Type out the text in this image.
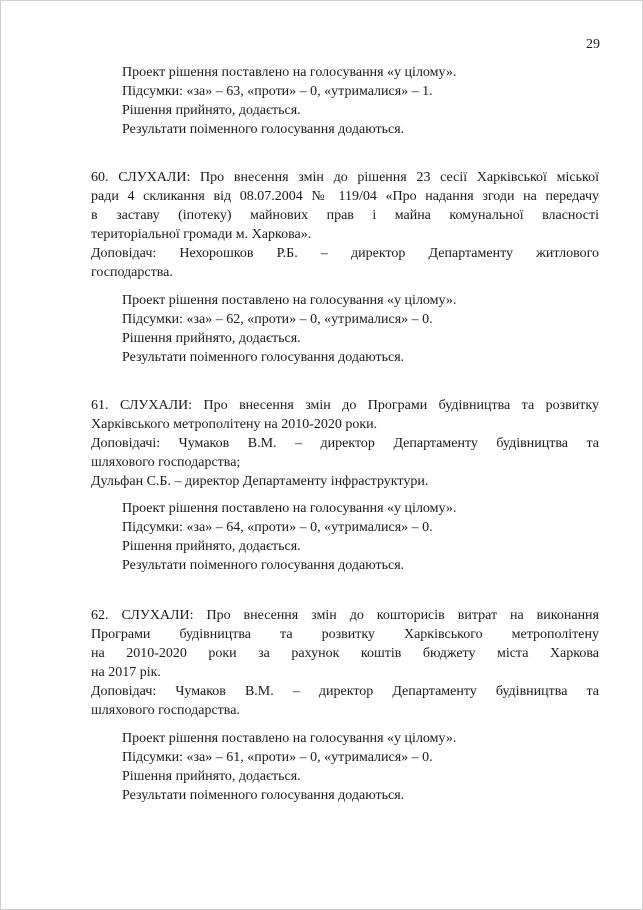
29
Проект рішення поставлено на голосування «у цілому».
Підсумки: «за» – 63, «проти» – 0, «утрималися» – 1.
Рішення прийнято, додається.
Результати поіменного голосування додаються.
60. СЛУХАЛИ: Про внесення змін до рішення 23 сесії Харківської міської
ради 4 скликання від 08.07.2004 № 119/04 «Про надання згоди на передачу
в заставу (іпотеку) майнових прав і майна комунальної власності
територіальної громади м. Харкова».
Доповідач: Нехорошков Р.Б. – директор Департаменту житлового
господарства.
Проект рішення поставлено на голосування «у цілому».
Підсумки: «за» – 62, «проти» – 0, «утрималися» – 0.
Рішення прийнято, додається.
Результати поіменного голосування додаються.
61. СЛУХАЛИ: Про внесення змін до Програми будівництва та розвитку
Харківського метрополітену на 2010-2020 роки.
Доповідачі: Чумаков В.М. – директор Департаменту будівництва та
шляхового господарства;
Дульфан С.Б. – директор Департаменту інфраструктури.
Проект рішення поставлено на голосування «у цілому».
Підсумки: «за» – 64, «проти» – 0, «утрималися» – 0.
Рішення прийнято, додається.
Результати поіменного голосування додаються.
62. СЛУХАЛИ: Про внесення змін до кошторисів витрат на виконання
Програми будівництва та розвитку Харківського метрополітену
на 2010-2020 роки за рахунок коштів бюджету міста Харкова
на 2017 рік.
Доповідач: Чумаков В.М. – директор Департаменту будівництва та
шляхового господарства.
Проект рішення поставлено на голосування «у цілому».
Підсумки: «за» – 61, «проти» – 0, «утрималися» – 0.
Рішення прийнято, додається.
Результати поіменного голосування додаються.
